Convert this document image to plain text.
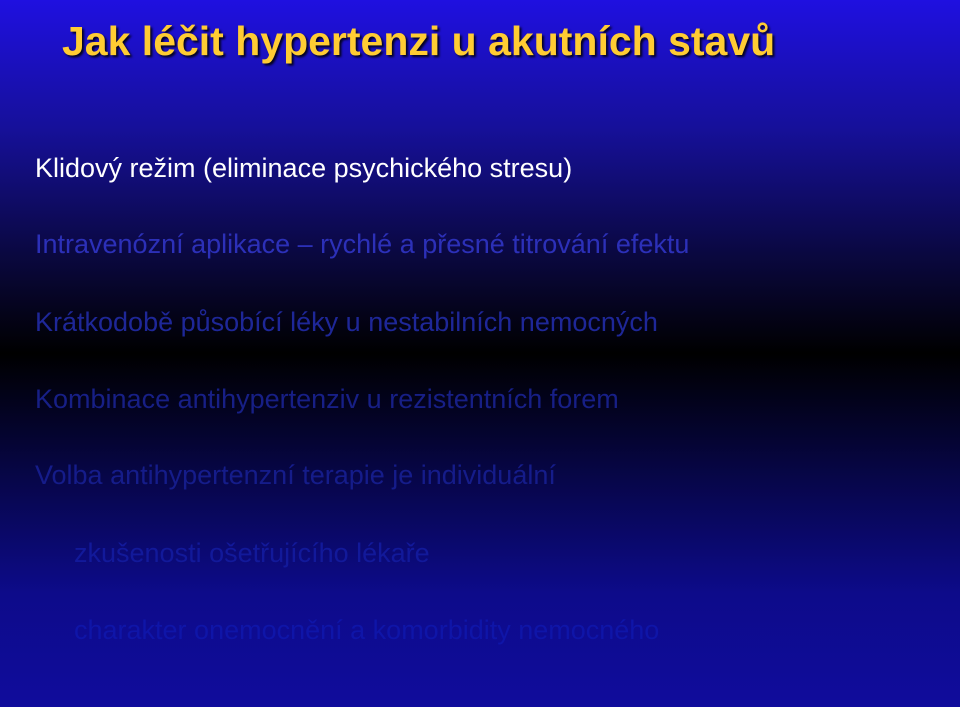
Jak léčit hypertenzi u akutních stavů

Klidový režim (eliminace psychického stresu)

Intravenózní aplikace – rychlé a přesné titrování efektu

Krátkodobě působící léky u nestabilních nemocných

Kombinace antihypertenziv u rezistentních forem

Volba antihypertenzní terapie je individuální

zkušenosti ošetřujícího lékaře

charakter onemocnění a komorbidity nemocného
